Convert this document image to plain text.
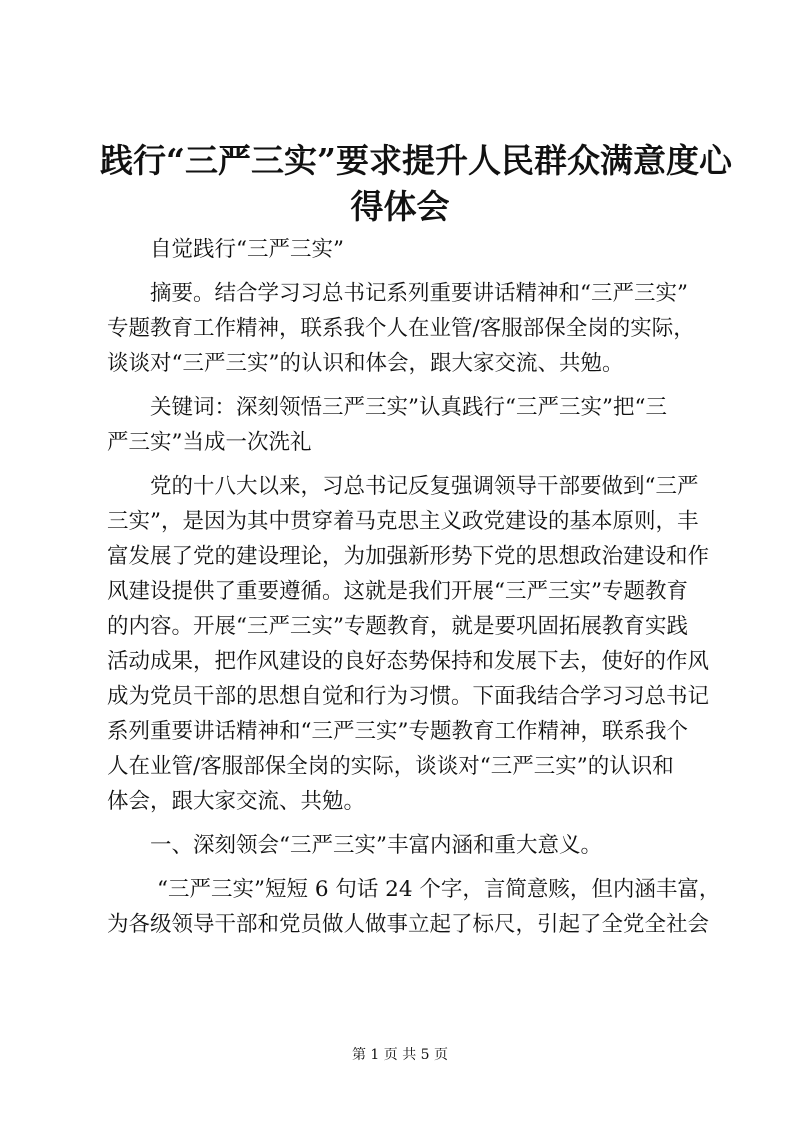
践行“三严三实”要求提升人民群众满意度心
得体会

自觉践行“三严三实”

摘要。结合学习习总书记系列重要讲话精神和“三严三实”
专题教育工作精神，联系我个人在业管/客服部保全岗的实际，
谈谈对“三严三实”的认识和体会，跟大家交流、共勉。

关键词：深刻领悟三严三实”认真践行“三严三实”把“三
严三实”当成一次洗礼

党的十八大以来，习总书记反复强调领导干部要做到“三严
三实”，是因为其中贯穿着马克思主义政党建设的基本原则，丰
富发展了党的建设理论，为加强新形势下党的思想政治建设和作
风建设提供了重要遵循。这就是我们开展“三严三实”专题教育
的内容。开展“三严三实”专题教育，就是要巩固拓展教育实践
活动成果，把作风建设的良好态势保持和发展下去，使好的作风
成为党员干部的思想自觉和行为习惯。下面我结合学习习总书记
系列重要讲话精神和“三严三实”专题教育工作精神，联系我个
人在业管/客服部保全岗的实际，谈谈对“三严三实”的认识和
体会，跟大家交流、共勉。

一、深刻领会“三严三实”丰富内涵和重大意义。

“三严三实”短短 6 句话 24 个字，言简意赅，但内涵丰富，
为各级领导干部和党员做人做事立起了标尺，引起了全党全社会

第 1 页 共 5 页
